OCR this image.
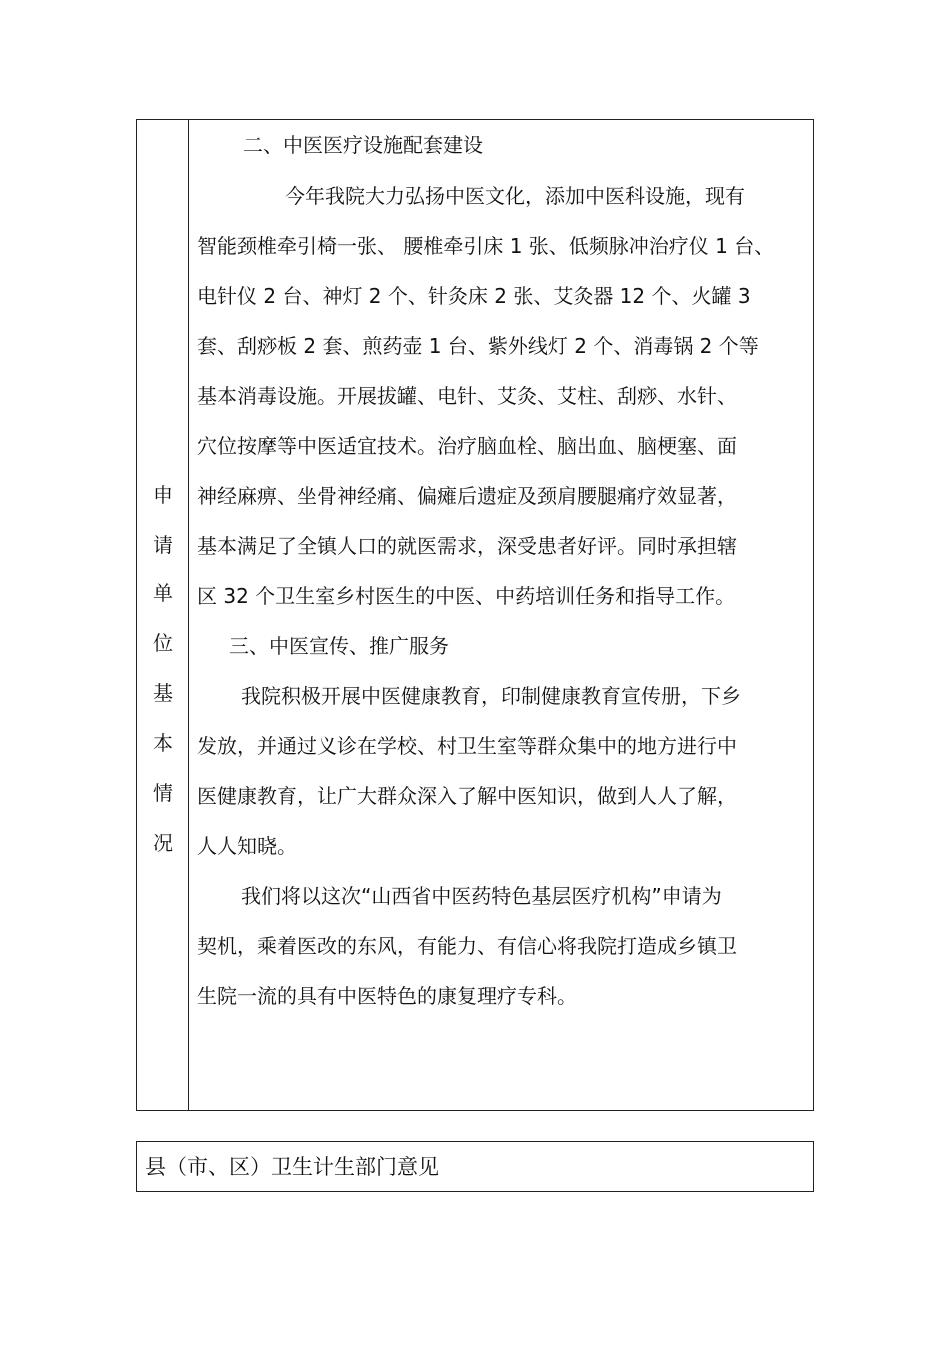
申
请
单
位
基
本
情
况
二、中医医疗设施配套建设
今年我院大力弘扬中医文化，添加中医科设施，现有
智能颈椎牵引椅一张、 腰椎牵引床 1 张、低频脉冲治疗仪 1 台、
电针仪 2 台、神灯 2 个、针灸床 2 张、艾灸器 12 个、火罐 3
套、刮痧板 2 套、煎药壶 1 台、紫外线灯 2 个、消毒锅 2 个等
基本消毒设施。开展拔罐、电针、艾灸、艾柱、刮痧、水针、
穴位按摩等中医适宜技术。治疗脑血栓、脑出血、脑梗塞、面
神经麻痹、坐骨神经痛、偏瘫后遗症及颈肩腰腿痛疗效显著，
基本满足了全镇人口的就医需求，深受患者好评。同时承担辖
区 32 个卫生室乡村医生的中医、中药培训任务和指导工作。
三、中医宣传、推广服务
我院积极开展中医健康教育，印制健康教育宣传册，下乡
发放，并通过义诊在学校、村卫生室等群众集中的地方进行中
医健康教育，让广大群众深入了解中医知识，做到人人了解，
人人知晓。
我们将以这次“山西省中医药特色基层医疗机构”申请为
契机，乘着医改的东风，有能力、有信心将我院打造成乡镇卫
生院一流的具有中医特色的康复理疗专科。
县（市、区）卫生计生部门意见
